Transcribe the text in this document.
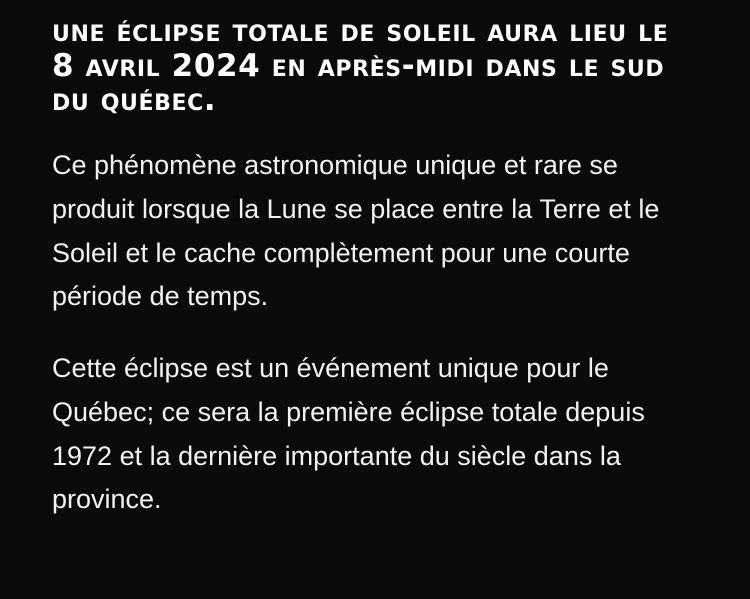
une éclipse totale de soleil aura lieu le 8 avril 2024 en après-midi dans le sud du québec.

Ce phénomène astronomique unique et rare se produit lorsque la Lune se place entre la Terre et le Soleil et le cache complètement pour une courte période de temps.

Cette éclipse est un événement unique pour le Québec; ce sera la première éclipse totale depuis 1972 et la dernière importante du siècle dans la province.
